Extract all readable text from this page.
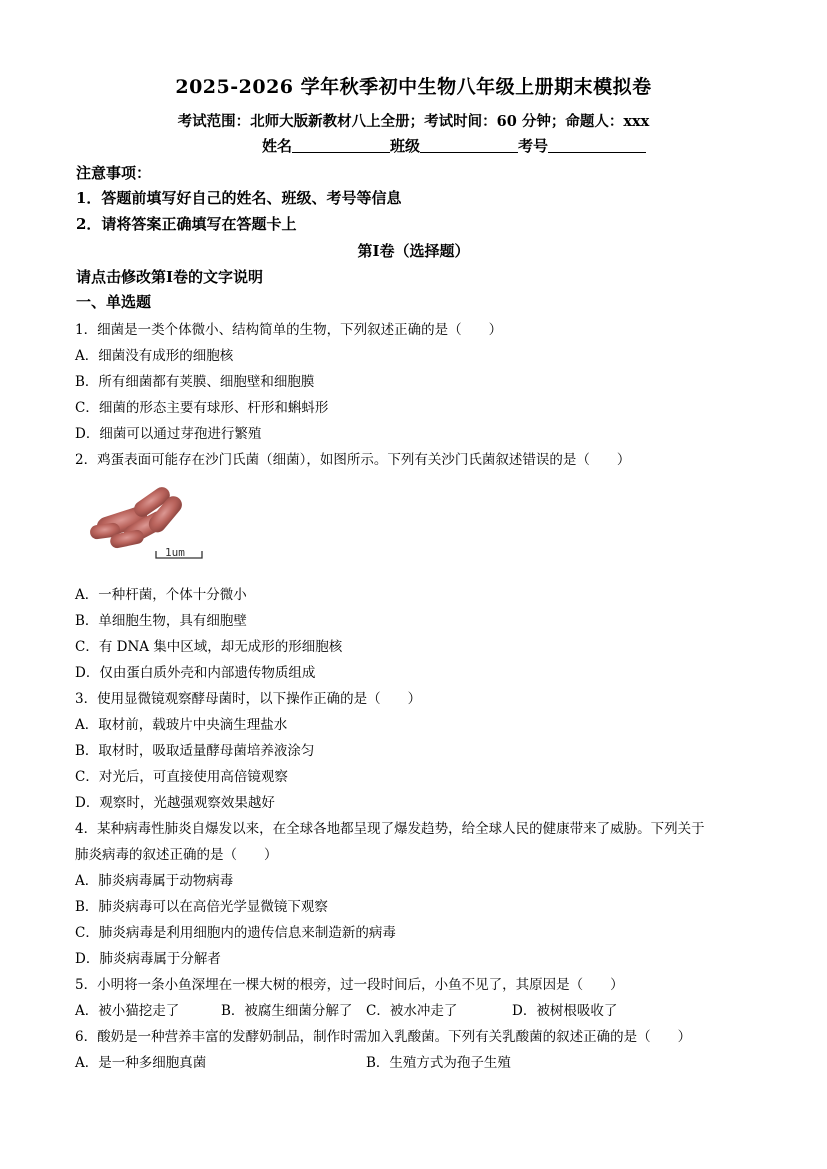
2025-2026 学年秋季初中生物八年级上册期末模拟卷
考试范围：北师大版新教材八上全册；考试时间：60 分钟；命题人：xxx
姓名	班级	考号
注意事项：
1．答题前填写好自己的姓名、班级、考号等信息
2．请将答案正确填写在答题卡上
第I卷（选择题）
请点击修改第I卷的文字说明
一、单选题
1．细菌是一类个体微小、结构简单的生物，下列叙述正确的是（　　）
A．细菌没有成形的细胞核
B．所有细菌都有荚膜、细胞壁和细胞膜
C．细菌的形态主要有球形、杆形和蝌蚪形
D．细菌可以通过芽孢进行繁殖
2．鸡蛋表面可能存在沙门氏菌（细菌），如图所示。下列有关沙门氏菌叙述错误的是（　　）
1um
A．一种杆菌，个体十分微小
B．单细胞生物，具有细胞壁
C．有 DNA 集中区域，却无成形的形细胞核
D．仅由蛋白质外壳和内部遗传物质组成
3．使用显微镜观察酵母菌时，以下操作正确的是（　　）
A．取材前，载玻片中央滴生理盐水
B．取材时，吸取适量酵母菌培养液涂匀
C．对光后，可直接使用高倍镜观察
D．观察时，光越强观察效果越好
4．某种病毒性肺炎自爆发以来，在全球各地都呈现了爆发趋势，给全球人民的健康带来了威胁。下列关于
肺炎病毒的叙述正确的是（　　）
A．肺炎病毒属于动物病毒
B．肺炎病毒可以在高倍光学显微镜下观察
C．肺炎病毒是利用细胞内的遗传信息来制造新的病毒
D．肺炎病毒属于分解者
5．小明将一条小鱼深埋在一棵大树的根旁，过一段时间后，小鱼不见了，其原因是（　　）
A．被小猫挖走了	B．被腐生细菌分解了 C．被水冲走了	D．被树根吸收了
6．酸奶是一种营养丰富的发酵奶制品，制作时需加入乳酸菌。下列有关乳酸菌的叙述正确的是（　　）
A．是一种多细胞真菌	B．生殖方式为孢子生殖
